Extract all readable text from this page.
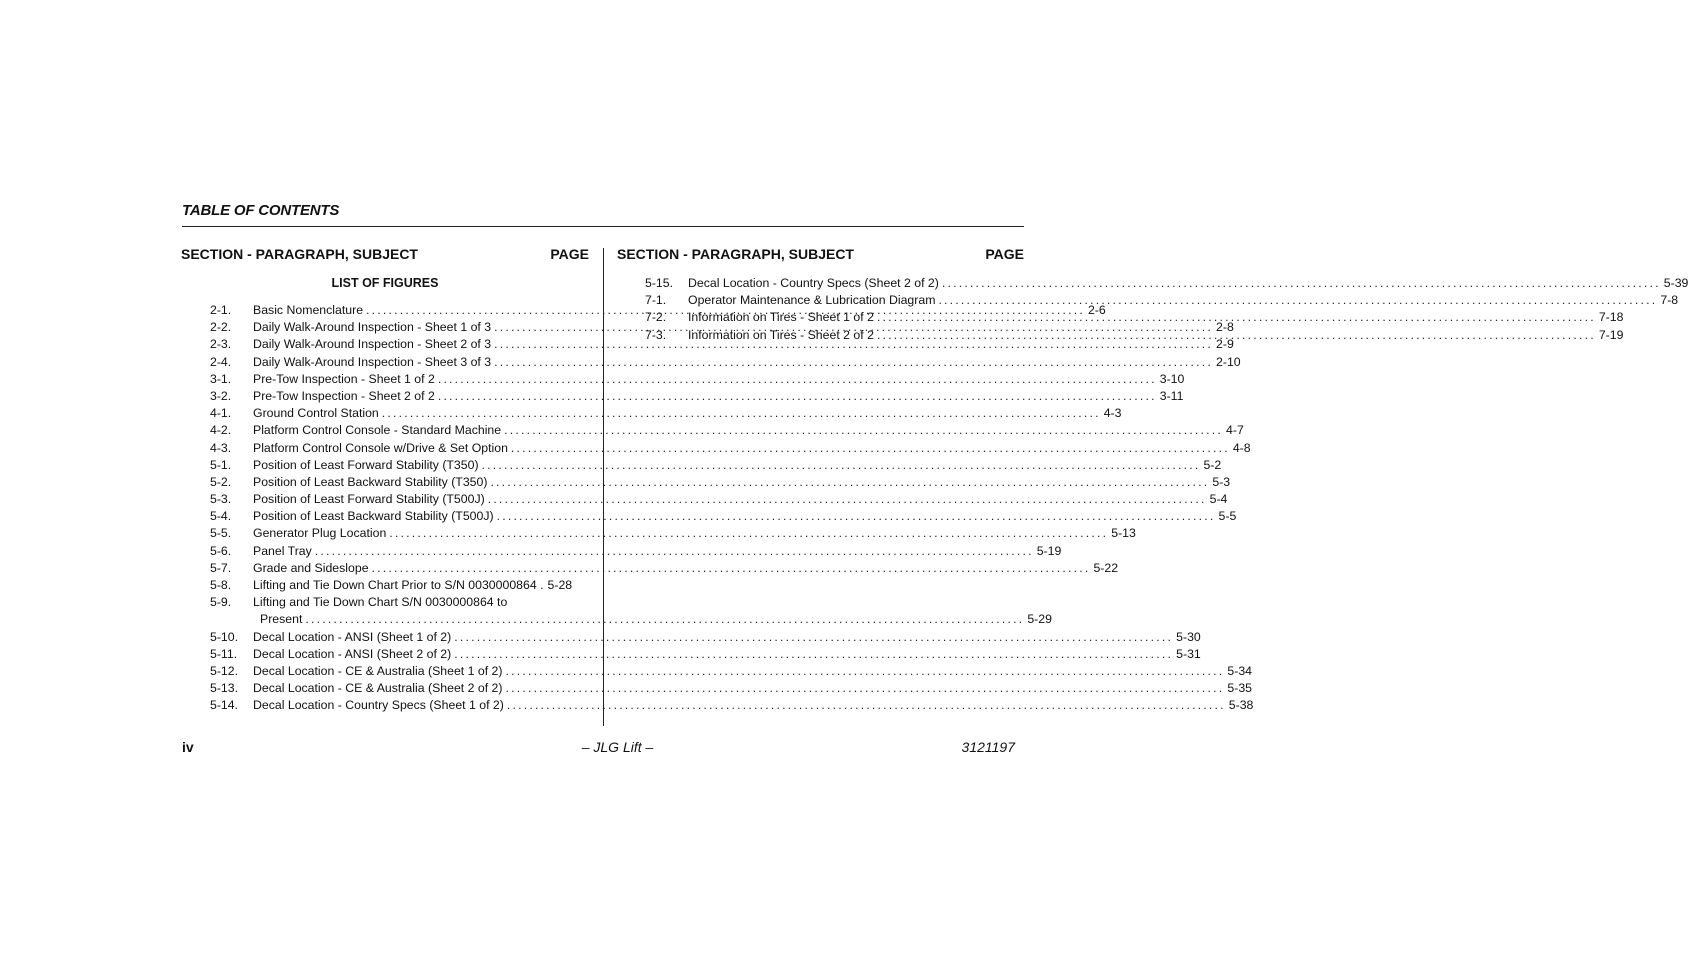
TABLE OF CONTENTS
SECTION - PARAGRAPH, SUBJECT	PAGE
LIST OF FIGURES
2-1.	Basic Nomenclature .....	2-6
2-2.	Daily Walk-Around Inspection - Sheet 1 of 3 .....	2-8
2-3.	Daily Walk-Around Inspection - Sheet 2 of 3 .....	2-9
2-4.	Daily Walk-Around Inspection - Sheet 3 of 3 .....	2-10
3-1.	Pre-Tow Inspection - Sheet 1 of 2 .....	3-10
3-2.	Pre-Tow Inspection - Sheet 2 of 2 .....	3-11
4-1.	Ground Control Station .....	4-3
4-2.	Platform Control Console - Standard Machine .....	4-7
4-3.	Platform Control Console w/Drive & Set Option .....	4-8
5-1.	Position of Least Forward Stability (T350) .....	5-2
5-2.	Position of Least Backward Stability (T350) .....	5-3
5-3.	Position of Least Forward Stability (T500J) .....	5-4
5-4.	Position of Least Backward Stability (T500J) .....	5-5
5-5.	Generator Plug Location .....	5-13
5-6.	Panel Tray .....	5-19
5-7.	Grade and Sideslope .....	5-22
5-8.	Lifting and Tie Down Chart Prior to S/N 0030000864 . 5-28
5-9.	Lifting and Tie Down Chart S/N 0030000864 to
Present .....	5-29
5-10.	Decal Location - ANSI (Sheet 1 of 2) .....	5-30
5-11.	Decal Location - ANSI (Sheet 2 of 2) .....	5-31
5-12.	Decal Location - CE & Australia (Sheet 1 of 2) .....	5-34
5-13.	Decal Location - CE & Australia (Sheet 2 of 2) .....	5-35
5-14.	Decal Location - Country Specs (Sheet 1 of 2) .....	5-38
SECTION - PARAGRAPH, SUBJECT	PAGE
5-15.	Decal Location - Country Specs (Sheet 2 of 2) .....	5-39
7-1.	Operator Maintenance & Lubrication Diagram .....	7-8
7-2.	Information on Tires - Sheet 1 of 2 .....	7-18
7-3.	Information on Tires - Sheet 2 of 2 .....	7-19
iv	– JLG Lift –	3121197
